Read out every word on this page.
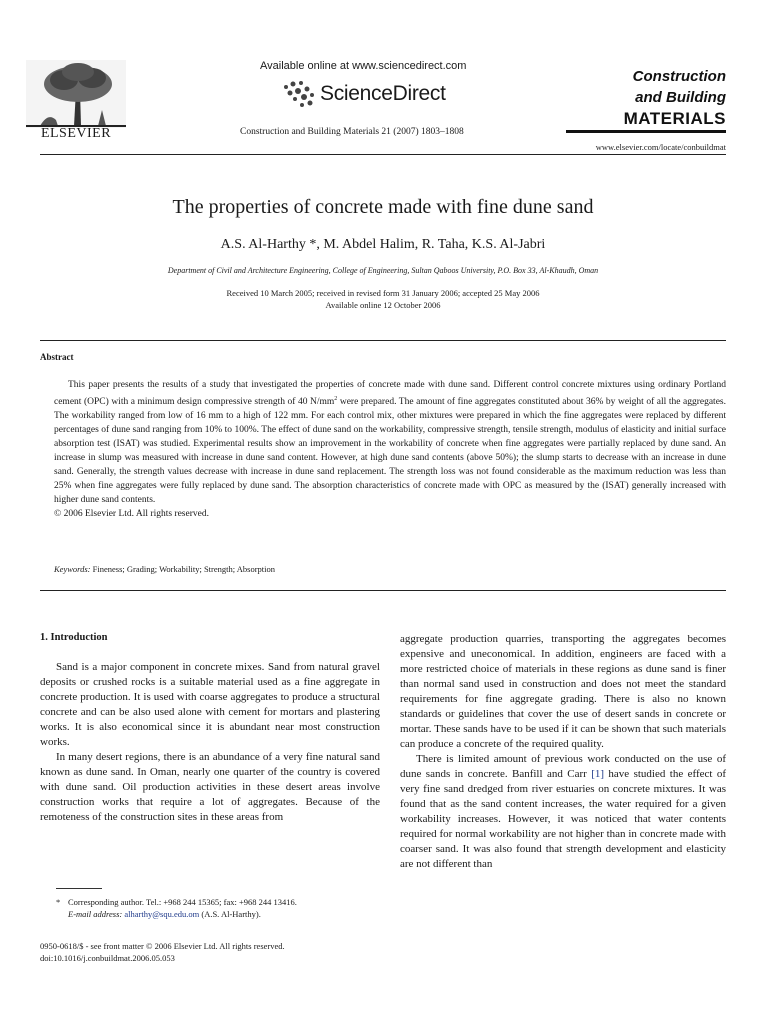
ELSEVIER
Available online at www.sciencedirect.com
ScienceDirect
Construction and Building Materials 21 (2007) 1803–1808
Construction
and Building
MATERIALS
www.elsevier.com/locate/conbuildmat
The properties of concrete made with fine dune sand
A.S. Al-Harthy *, M. Abdel Halim, R. Taha, K.S. Al-Jabri
Department of Civil and Architecture Engineering, College of Engineering, Sultan Qaboos University, P.O. Box 33, Al-Khaudh, Oman
Received 10 March 2005; received in revised form 31 January 2006; accepted 25 May 2006
Available online 12 October 2006
Abstract

This paper presents the results of a study that investigated the properties of concrete made with dune sand. Different control concrete mixtures using ordinary Portland cement (OPC) with a minimum design compressive strength of 40 $N/mm^2$ were prepared. The amount of fine aggregates constituted about 36% by weight of all the aggregates. The workability ranged from low of 16 mm to a high of 122 mm. For each control mix, other mixtures were prepared in which the fine aggregates were replaced by different percentages of dune sand ranging from 10% to 100%. The effect of dune sand on the workability, compressive strength, tensile strength, modulus of elasticity and initial surface absorption test (ISAT) was studied. Experimental results show an improvement in the workability of concrete when fine aggregates were partially replaced by dune sand. An increase in slump was measured with increase in dune sand content. However, at high dune sand contents (above 50%); the slump starts to decrease with an increase in dune sand. Generally, the strength values decrease with increase in dune sand replacement. The strength loss was not found considerable as the maximum reduction was less than 25% when fine aggregates were fully replaced by dune sand. The absorption characteristics of concrete made with OPC as measured by the (ISAT) generally increased with higher dune sand contents.

© 2006 Elsevier Ltd. All rights reserved.

Keywords: Fineness; Grading; Workability; Strength; Absorption
1. Introduction

Sand is a major component in concrete mixes. Sand from natural gravel deposits or crushed rocks is a suitable material used as a fine aggregate in concrete production. It is used with coarse aggregates to produce a structural concrete and can be also used alone with cement for mortars and plastering works. It is also economical since it is abundant near most construction works.

In many desert regions, there is an abundance of a very fine natural sand known as dune sand. In Oman, nearly one quarter of the country is covered with dune sand. Oil production activities in these desert areas involve construction works that require a lot of aggregates. Because of the remoteness of the construction sites in these areas from

aggregate production quarries, transporting the aggregates becomes expensive and uneconomical. In addition, engineers are faced with a more restricted choice of materials in these regions as dune sand is finer than normal sand used in construction and does not meet the standard requirements for fine aggregate grading. There is also no known standards or guidelines that cover the use of desert sands in concrete or mortar. These sands have to be used if it can be shown that such materials can produce a concrete of the required quality.

There is limited amount of previous work conducted on the use of dune sands in concrete. Banfill and Carr [1] have studied the effect of very fine sand dredged from river estuaries on concrete mixtures. It was found that as the sand content increases, the water required for a given workability increases. However, it was noticed that water contents required for normal workability are not higher than in concrete made with coarser sand. It was also found that strength development and elasticity are not different than

* Corresponding author. Tel.: +968 244 15365; fax: +968 244 13416.
E-mail address: alharthy@squ.edu.om (A.S. Al-Harthy).
0950-0618/$ - see front matter © 2006 Elsevier Ltd. All rights reserved.
doi:10.1016/j.conbuildmat.2006.05.053
